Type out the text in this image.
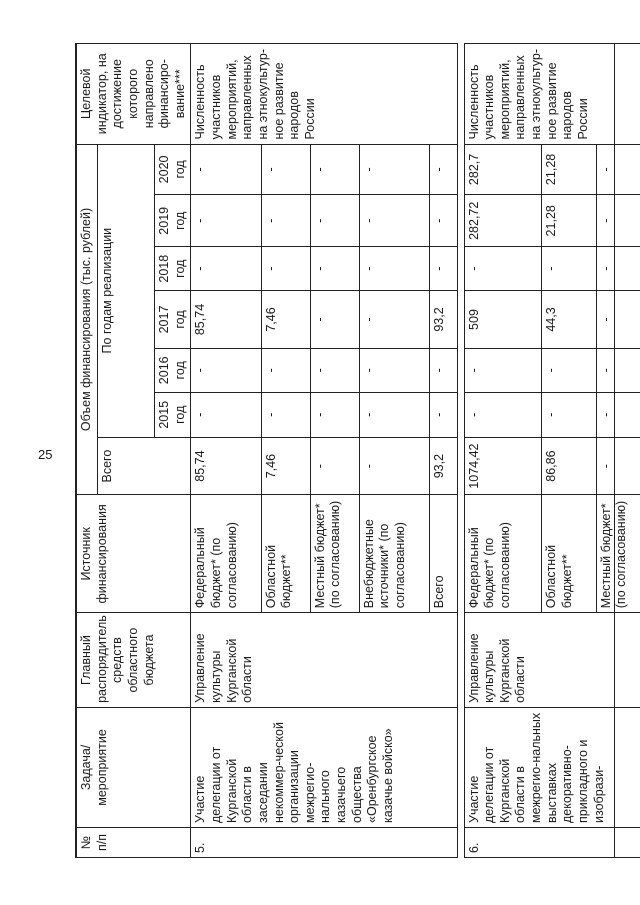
25
№ п/п	Задача/ мероприятие	Главный распорядитель средств областного бюджета	Источник финансирования	Объем финансирования (тыс. рублей)							Целевой индикатор, на достижение которого направлено финансиро-вание***
				Всего	По годам реализации						
					2015 год	2016 год	2017 год	2018 год	2019 год	2020 год	
5.	Участие делегации от Курганской области в заседании некоммер-ческой организации межрегио-нального казачьего общества «Оренбургское казачье войско»	Управление культуры Курганской области	Федеральный бюджет* (по согласованию)	85,74	-	-	85,74	-	-	-	Численность участников мероприятий, направленных на этнокультур-ное развитие народов России
			Областной бюджет**	7,46	-	-	7,46	-	-	-	
			Местный бюджет* (по согласованию)	-	-	-	-	-	-	-	
			Внебюджетные источники* (по согласованию)	-	-	-	-	-	-	-	
			Всего	93,2	-	-	93,2	-	-	-	

6.	Участие делегации от Курганской области в межрегио-нальных выставках декоративно-прикладного и изобрази-	Управление культуры Курганской области	Федеральный бюджет* (по согласованию)	1074,42	-	-	509	-	282,72	282,7	Численность участников мероприятий, направленных на этнокультур-ное развитие народов России
			Областной бюджет**	86,86	-	-	44,3	-	21,28	21,28	
			Местный бюджет* (по согласованию)	-	-	-	-	-	-	-	
